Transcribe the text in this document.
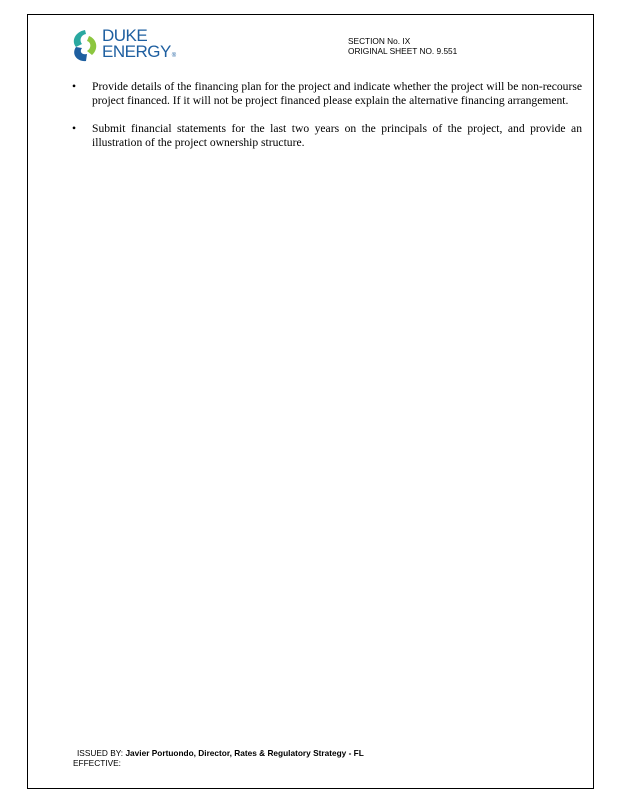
DUKE
ENERGY®
SECTION No. IX
ORIGINAL SHEET NO. 9.551
• Provide details of the financing plan for the project and indicate whether the project will be non-recourse project financed. If it will not be project financed please explain the alternative financing arrangement.
• Submit financial statements for the last two years on the principals of the project, and provide an illustration of the project ownership structure.
ISSUED BY: Javier Portuondo, Director, Rates & Regulatory Strategy - FL
EFFECTIVE:
